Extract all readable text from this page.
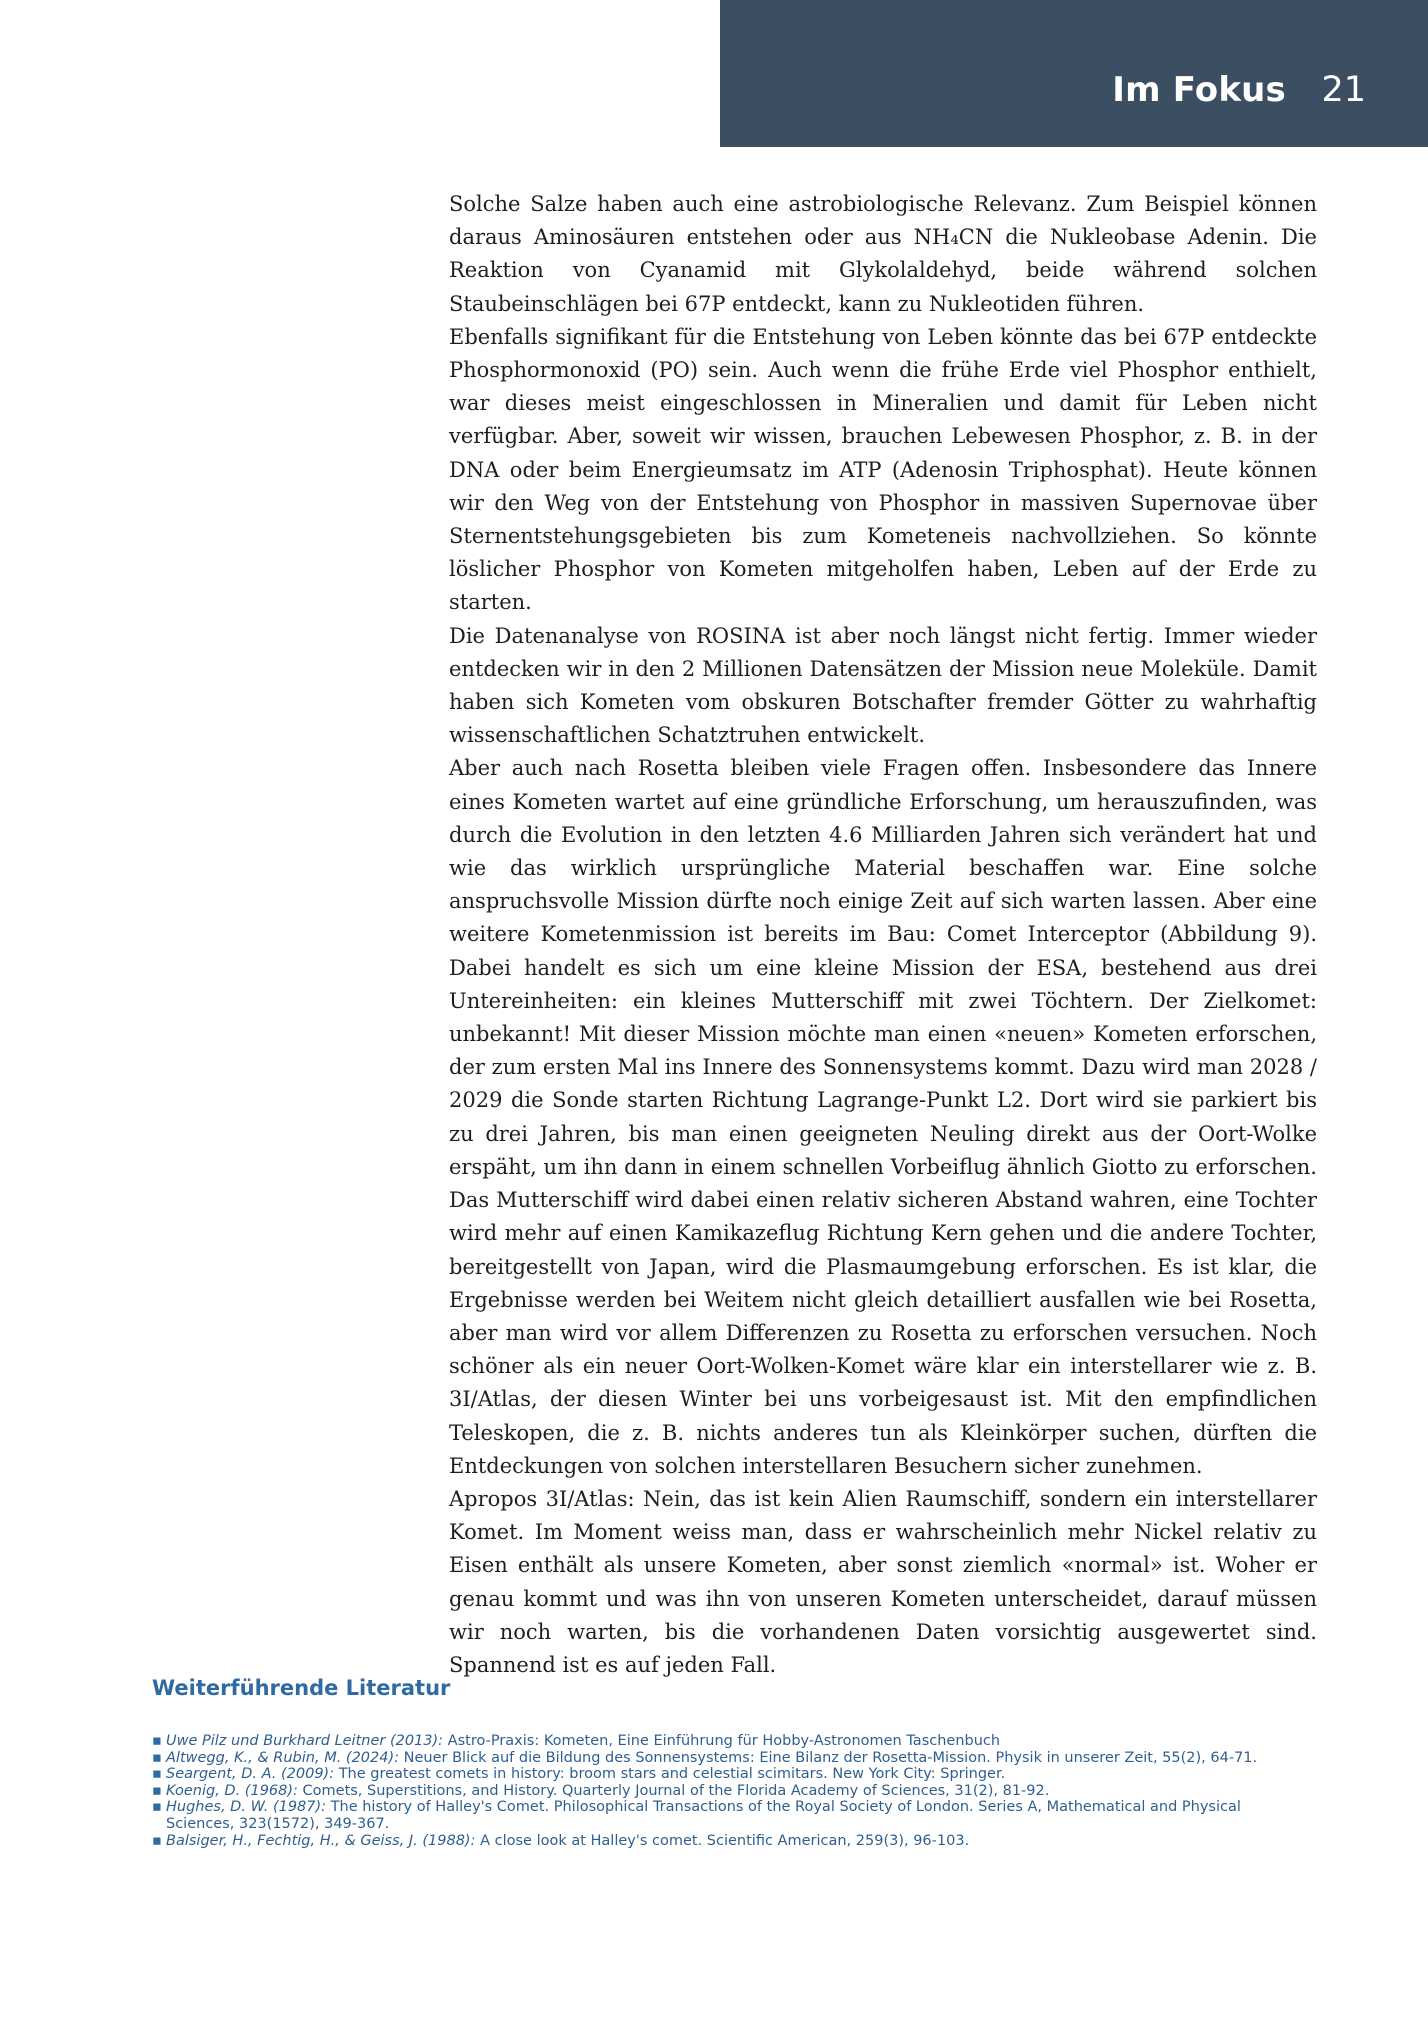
Im Fokus 21

Solche Salze haben auch eine astrobiologische Relevanz. Zum Beispiel können daraus Aminosäuren entstehen oder aus NH₄CN die Nukleobase Adenin. Die Reaktion von Cyanamid mit Glykolaldehyd, beide während solchen Staubeinschlägen bei 67P entdeckt, kann zu Nukleotiden führen.

Ebenfalls signifikant für die Entstehung von Leben könnte das bei 67P entdeckte Phosphormonoxid (PO) sein. Auch wenn die frühe Erde viel Phosphor enthielt, war dieses meist eingeschlossen in Mineralien und damit für Leben nicht verfügbar. Aber, soweit wir wissen, brauchen Lebewesen Phosphor, z. B. in der DNA oder beim Energieumsatz im ATP (Adenosin Triphosphat). Heute können wir den Weg von der Entstehung von Phosphor in massiven Supernovae über Sternentstehungsgebieten bis zum Kometeneis nachvollziehen. So könnte löslicher Phosphor von Kometen mitgeholfen haben, Leben auf der Erde zu starten.

Die Datenanalyse von ROSINA ist aber noch längst nicht fertig. Immer wieder entdecken wir in den 2 Millionen Datensätzen der Mission neue Moleküle. Damit haben sich Kometen vom obskuren Botschafter fremder Götter zu wahrhaftig wissenschaftlichen Schatztruhen entwickelt.

Aber auch nach Rosetta bleiben viele Fragen offen. Insbesondere das Innere eines Kometen wartet auf eine gründliche Erforschung, um herauszufinden, was durch die Evolution in den letzten 4.6 Milliarden Jahren sich verändert hat und wie das wirklich ursprüngliche Material beschaffen war. Eine solche anspruchsvolle Mission dürfte noch einige Zeit auf sich warten lassen. Aber eine weitere Kometenmission ist bereits im Bau: Comet Interceptor (Abbildung 9). Dabei handelt es sich um eine kleine Mission der ESA, bestehend aus drei Untereinheiten: ein kleines Mutterschiff mit zwei Töchtern. Der Zielkomet: unbekannt! Mit dieser Mission möchte man einen «neuen» Kometen erforschen, der zum ersten Mal ins Innere des Sonnensystems kommt. Dazu wird man 2028 / 2029 die Sonde starten Richtung Lagrange-Punkt L2. Dort wird sie parkiert bis zu drei Jahren, bis man einen geeigneten Neuling direkt aus der Oort-Wolke erspäht, um ihn dann in einem schnellen Vorbeiflug ähnlich Giotto zu erforschen. Das Mutterschiff wird dabei einen relativ sicheren Abstand wahren, eine Tochter wird mehr auf einen Kamikazeflug Richtung Kern gehen und die andere Tochter, bereitgestellt von Japan, wird die Plasmaumgebung erforschen. Es ist klar, die Ergebnisse werden bei Weitem nicht gleich detailliert ausfallen wie bei Rosetta, aber man wird vor allem Differenzen zu Rosetta zu erforschen versuchen. Noch schöner als ein neuer Oort-Wolken-Komet wäre klar ein interstellarer wie z. B. 3I/Atlas, der diesen Winter bei uns vorbeigesaust ist. Mit den empfindlichen Teleskopen, die z. B. nichts anderes tun als Kleinkörper suchen, dürften die Entdeckungen von solchen interstellaren Besuchern sicher zunehmen.

Apropos 3I/Atlas: Nein, das ist kein Alien Raumschiff, sondern ein interstellarer Komet. Im Moment weiss man, dass er wahrscheinlich mehr Nickel relativ zu Eisen enthält als unsere Kometen, aber sonst ziemlich «normal» ist. Woher er genau kommt und was ihn von unseren Kometen unterscheidet, darauf müssen wir noch warten, bis die vorhandenen Daten vorsichtig ausgewertet sind. Spannend ist es auf jeden Fall.

Weiterführende Literatur
▪ Uwe Pilz und Burkhard Leitner (2013): Astro-Praxis: Kometen, Eine Einführung für Hobby-Astronomen Taschenbuch
▪ Altwegg, K., & Rubin, M. (2024): Neuer Blick auf die Bildung des Sonnensystems: Eine Bilanz der Rosetta-Mission. Physik in unserer Zeit, 55(2), 64-71.
▪ Seargent, D. A. (2009): The greatest comets in history: broom stars and celestial scimitars. New York City: Springer.
▪ Koenig, D. (1968): Comets, Superstitions, and History. Quarterly Journal of the Florida Academy of Sciences, 31(2), 81-92.
▪ Hughes, D. W. (1987): The history of Halley's Comet. Philosophical Transactions of the Royal Society of London. Series A, Mathematical and Physical Sciences, 323(1572), 349-367.
▪ Balsiger, H., Fechtig, H., & Geiss, J. (1988): A close look at Halley's comet. Scientific American, 259(3), 96-103.
